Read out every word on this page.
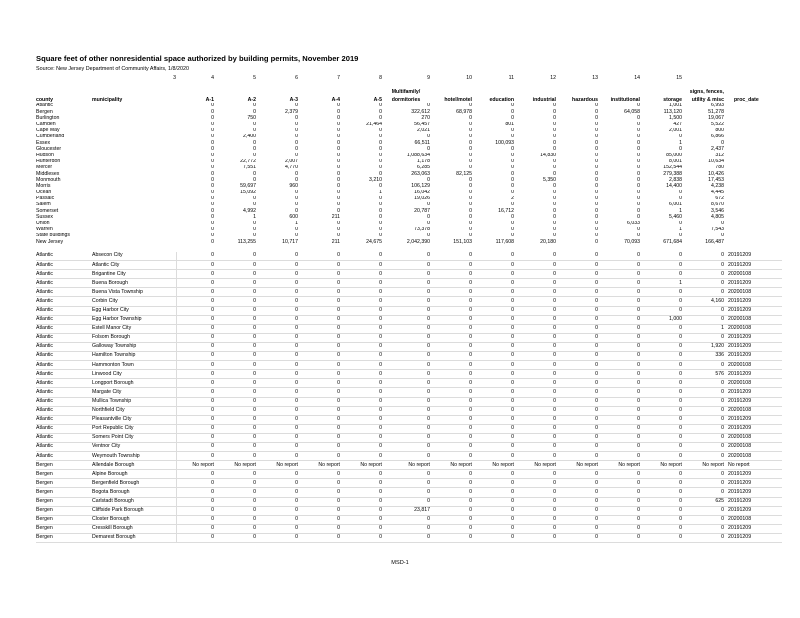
Square feet of other nonresidential space authorized by building permits, November 2019
Source: New Jersey Department of Community Affairs, 1/8/2020
3	4	5	6	7	8	9	10	11	12	13	14	15
							Multifamily/							signs, fences,	
county	municipality	A-1	A-2	A-3	A-4	A-5	dormitories	hotel/motel	education	industrial	hazardous	institutional	storage	utility & misc	proc_date
Atlantic		0	0	0	0	0	0	0	0	0	0	0	1,001	6,993	
Bergen		0	0	2,379	0	0	322,612	68,978	0	0	0	64,058	113,120	51,278	
Burlington		0	750	0	0	0	270	0	0	0	0	0	1,500	19,067	
Camden		0	0	0	0	21,464	56,457	0	801	0	0	0	427	5,522	
Cape May		0	0	0	0	0	2,021	0	0	0	0	0	2,001	800	
Cumberland		0	2,400	0	0	0	0	0	0	0	0	0	0	6,866	
Essex		0	0	0	0	0	66,511	0	100,093	0	0	0	1	0	
Gloucester		0	0	0	0	0	0	0	0	0	0	0	0	2,437	
Hudson		0	0	0	0	0	1,088,634	0	0	14,830	0	0	85,000	312	
Hunterdon		0	22,772	2,007	0	0	1,178	0	0	0	0	0	8,001	10,634	
Mercer		0	7,551	4,770	0	0	6,285	0	0	0	0	0	152,544	780	
Middlesex		0	0	0	0	0	263,063	82,125	0	0	0	0	279,388	10,426	
Monmouth		0	0	0	0	3,210	0	0	0	5,350	0	0	2,838	17,453	
Morris		0	59,697	960	0	0	106,129	0	0	0	0	0	14,400	4,238	
Ocean		0	15,092	0	0	1	16,042	0	0	0	0	0	0	4,445	
Passaic		0	0	0	0	0	19,026	0	2	0	0	0	0	672	
Salem		0	0	0	0	0	0	0	0	0	0	0	6,001	8,670	
Somerset		0	4,992	0	0	0	20,787	0	16,712	0	0	0	1	3,546	
Sussex		0	1	600	211	0	0	0	0	0	0	0	5,460	4,805	
Union		0	0	1	0	0	0	0	0	0	0	6,033	0	0	
Warren		0	0	0	0	0	73,378	0	0	0	0	0	1	7,543	
State buildings		0	0	0	0	0	0	0	0	0	0	0	0	0	
New Jersey		0	113,255	10,717	211	24,675	2,042,390	151,103	117,608	20,180	0	70,093	671,684	166,487	
Atlantic	Absecon City	0	0	0	0	0	0	0	0	0	0	0	0	0	20191209
Atlantic	Atlantic City	0	0	0	0	0	0	0	0	0	0	0	0	0	20191209
Atlantic	Brigantine City	0	0	0	0	0	0	0	0	0	0	0	0	0	20200108
Atlantic	Buena Borough	0	0	0	0	0	0	0	0	0	0	0	1	0	20191209
Atlantic	Buena Vista Township	0	0	0	0	0	0	0	0	0	0	0	0	0	20200108
Atlantic	Corbin City	0	0	0	0	0	0	0	0	0	0	0	0	4,160	20191209
Atlantic	Egg Harbor City	0	0	0	0	0	0	0	0	0	0	0	0	0	20191209
Atlantic	Egg Harbor Township	0	0	0	0	0	0	0	0	0	0	0	1,000	0	20200108
Atlantic	Estell Manor City	0	0	0	0	0	0	0	0	0	0	0	0	1	20200108
Atlantic	Folsom Borough	0	0	0	0	0	0	0	0	0	0	0	0	0	20191209
Atlantic	Galloway Township	0	0	0	0	0	0	0	0	0	0	0	0	1,920	20191209
Atlantic	Hamilton Township	0	0	0	0	0	0	0	0	0	0	0	0	336	20191209
Atlantic	Hammonton Town	0	0	0	0	0	0	0	0	0	0	0	0	0	20200108
Atlantic	Linwood City	0	0	0	0	0	0	0	0	0	0	0	0	576	20191209
Atlantic	Longport Borough	0	0	0	0	0	0	0	0	0	0	0	0	0	20200108
Atlantic	Margate City	0	0	0	0	0	0	0	0	0	0	0	0	0	20191209
Atlantic	Mullica Township	0	0	0	0	0	0	0	0	0	0	0	0	0	20191209
Atlantic	Northfield City	0	0	0	0	0	0	0	0	0	0	0	0	0	20200108
Atlantic	Pleasantville City	0	0	0	0	0	0	0	0	0	0	0	0	0	20191209
Atlantic	Port Republic City	0	0	0	0	0	0	0	0	0	0	0	0	0	20191209
Atlantic	Somers Point City	0	0	0	0	0	0	0	0	0	0	0	0	0	20200108
Atlantic	Ventnor City	0	0	0	0	0	0	0	0	0	0	0	0	0	20200108
Atlantic	Weymouth Township	0	0	0	0	0	0	0	0	0	0	0	0	0	20200108
Bergen	Allendale Borough	No report	No report	No report	No report	No report	No report	No report	No report	No report	No report	No report	No report	No report	No report
Bergen	Alpine Borough	0	0	0	0	0	0	0	0	0	0	0	0	0	20191209
Bergen	Bergenfield Borough	0	0	0	0	0	0	0	0	0	0	0	0	0	20191209
Bergen	Bogota Borough	0	0	0	0	0	0	0	0	0	0	0	0	0	20191209
Bergen	Carlstadt Borough	0	0	0	0	0	0	0	0	0	0	0	0	625	20191209
Bergen	Cliffside Park Borough	0	0	0	0	0	23,817	0	0	0	0	0	0	0	20191209
Bergen	Closter Borough	0	0	0	0	0	0	0	0	0	0	0	0	0	20200108
Bergen	Cresskill Borough	0	0	0	0	0	0	0	0	0	0	0	0	0	20191209
Bergen	Demarest Borough	0	0	0	0	0	0	0	0	0	0	0	0	0	20191209
MSD-1
